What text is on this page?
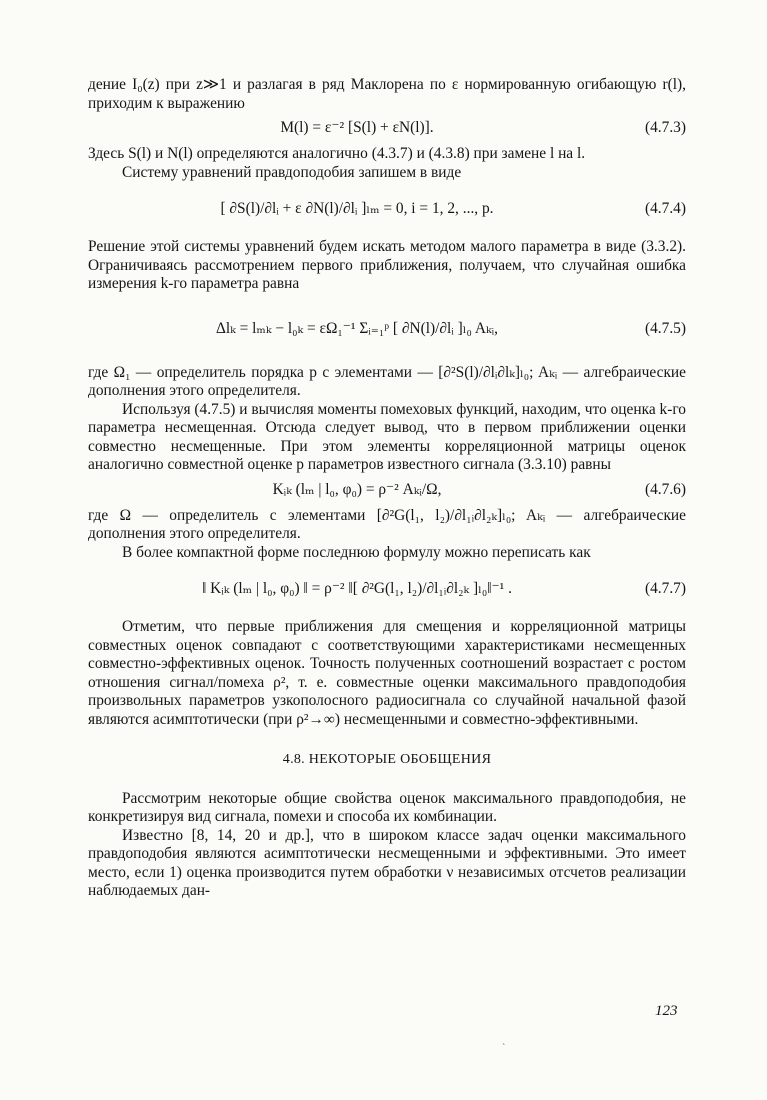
дение I₀(z) при z≫1 и разлагая в ряд Маклорена по ε нормированную огибающую r(l), приходим к выражению

M(l) = ε⁻² [S(l) + εN(l)].	(4.7.3)

Здесь S(l) и N(l) определяются аналогично (4.3.7) и (4.3.8) при замене l на l.

Систему уравнений правдоподобия запишем в виде

[ ∂S(l)/∂lᵢ + ε ∂N(l)/∂lᵢ ]ₗₘ = 0, i = 1, 2, ..., p.	(4.7.4)

Решение этой системы уравнений будем искать методом малого параметра в виде (3.3.2). Ограничиваясь рассмотрением первого приближения, получаем, что случайная ошибка измерения k-го параметра равна

Δlₖ = lₘₖ − l₀ₖ = εΩ₁⁻¹ Σᵢ₌₁ᵖ [ ∂N(l)/∂lᵢ ]ₗ₀ Aₖᵢ,	(4.7.5)

где Ω₁ — определитель порядка p с элементами — [∂²S(l)/∂lᵢ∂lₖ]ₗ₀; Aₖᵢ — алгебраические дополнения этого определителя.

Используя (4.7.5) и вычисляя моменты помеховых функций, находим, что оценка k-го параметра несмещенная. Отсюда следует вывод, что в первом приближении оценки совместно несмещенные. При этом элементы корреляционной матрицы оценок аналогично совместной оценке p параметров известного сигнала (3.3.10) равны

Kᵢₖ (lₘ | l₀, φ₀) = ρ⁻² Aₖᵢ/Ω,	(4.7.6)

где Ω — определитель с элементами [∂²G(l₁, l₂)/∂l₁ᵢ∂l₂ₖ]ₗ₀; Aₖᵢ — алгебраические дополнения этого определителя.

В более компактной форме последнюю формулу можно переписать как

‖ Kᵢₖ (lₘ | l₀, φ₀) ‖ = ρ⁻² ‖[ ∂²G(l₁, l₂)/∂l₁ᵢ∂l₂ₖ ]ₗ₀‖⁻¹ .	(4.7.7)

Отметим, что первые приближения для смещения и корреляционной матрицы совместных оценок совпадают с соответствующими характеристиками несмещенных совместно-эффективных оценок. Точность полученных соотношений возрастает с ростом отношения сигнал/помеха ρ², т. е. совместные оценки максимального правдоподобия произвольных параметров узкополосного радиосигнала со случайной начальной фазой являются асимптотически (при ρ²→∞) несмещенными и совместно-эффективными.

4.8. НЕКОТОРЫЕ ОБОБЩЕНИЯ

Рассмотрим некоторые общие свойства оценок максимального правдоподобия, не конкретизируя вид сигнала, помехи и способа их комбинации.

Известно [8, 14, 20 и др.], что в широком классе задач оценки максимального правдоподобия являются асимптотически несмещенными и эффективными. Это имеет место, если 1) оценка производится путем обработки ν независимых отсчетов реализации наблюдаемых дан-

123
ˋ
